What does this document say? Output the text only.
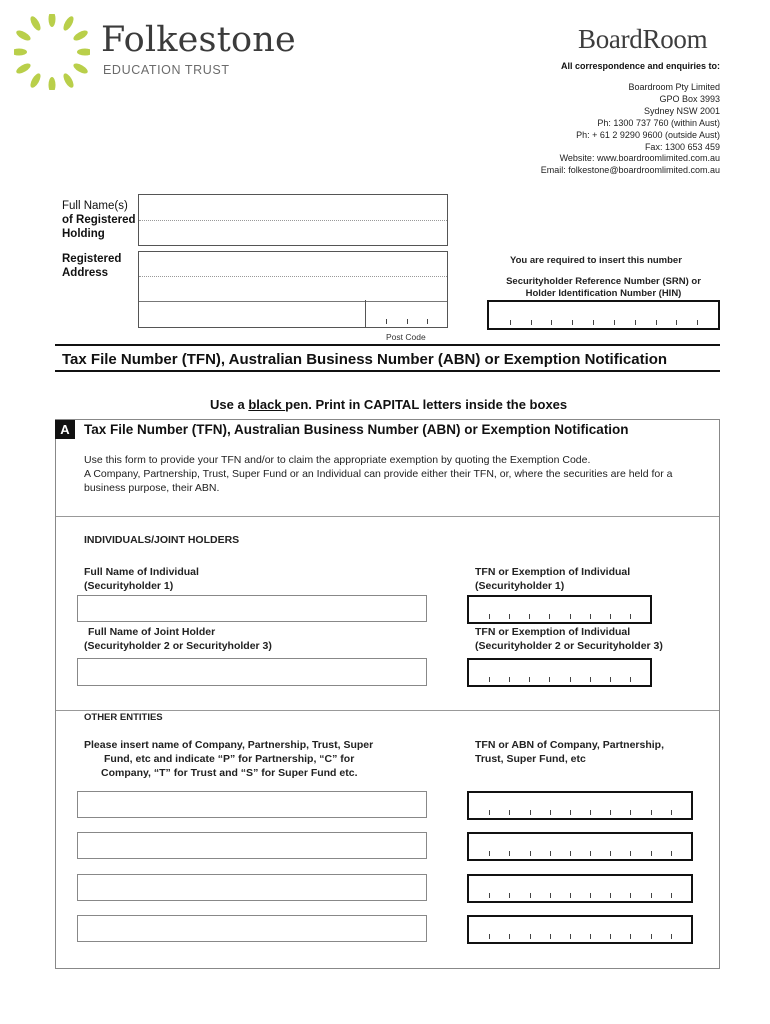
Folkestone
EDUCATION TRUST
BoardRoom
All correspondence and enquiries to:
Boardroom Pty Limited
GPO Box 3993
Sydney NSW 2001
Ph: 1300 737 760 (within Aust)
Ph: + 61 2 9290 9600 (outside Aust)
Fax: 1300 653 459
Website: www.boardroomlimited.com.au
Email: folkestone@boardroomlimited.com.au
Full Name(s)
of Registered
Holding
Registered
Address
Post Code
You are required to insert this number
Securityholder Reference Number (SRN) or
Holder Identification Number (HIN)
Tax File Number (TFN), Australian Business Number (ABN) or Exemption Notification
Use a black pen. Print in CAPITAL letters inside the boxes
A	Tax File Number (TFN), Australian Business Number (ABN) or Exemption Notification
Use this form to provide your TFN and/or to claim the appropriate exemption by quoting the Exemption Code.
A Company, Partnership, Trust, Super Fund or an Individual can provide either their TFN, or, where the securities are held for a
business purpose, their ABN.
INDIVIDUALS/JOINT HOLDERS
Full Name of Individual
(Securityholder 1)
TFN or Exemption of Individual
(Securityholder 1)
Full Name of Joint Holder
(Securityholder 2 or Securityholder 3)
TFN or Exemption of Individual
(Securityholder 2 or Securityholder 3)
OTHER ENTITIES
Please insert name of Company, Partnership, Trust, Super
Fund, etc and indicate “P” for Partnership, “C” for
Company, “T” for Trust and “S” for Super Fund etc.
TFN or ABN of Company, Partnership,
Trust, Super Fund, etc
